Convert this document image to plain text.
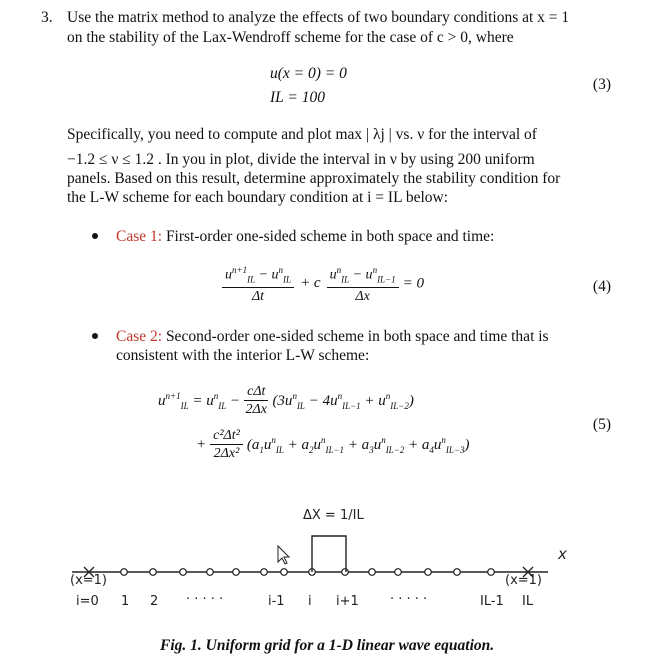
3. Use the matrix method to analyze the effects of two boundary conditions at x = 1
on the stability of the Lax-Wendroff scheme for the case of c > 0, where
u(x = 0) = 0
IL = 100
(3)
Specifically, you need to compute and plot max | λj | vs. ν for the interval of
−1.2 ≤ ν ≤ 1.2 . In you in plot, divide the interval in ν by using 200 uniform
panels. Based on this result, determine approximately the stability condition for
the L-W scheme for each boundary condition at i = IL below:
Case 1: First-order one-sided scheme in both space and time:
$\frac{u^{n+1}_{IL} - u^n_{IL}}{\Delta t} + c \frac{u^n_{IL} - u^n_{IL-1}}{\Delta x} = 0$	(4)
Case 2: Second-order one-sided scheme in both space and time that is
consistent with the interior L-W scheme:
$u^{n+1}_{IL} = u^n_{IL} - \frac{\text{cΔt}}{2\Delta x} (3u^n_{IL} - 4u^n_{IL-1} + u^n_{IL-2})$
+ $\frac{\text{c²Δt²}}{\text{2Δx²}} (a_1u^n_{IL} + a_2u^n_{IL-1} + a_3u^n_{IL-2} + a_4u^n_{IL-3})$
(5)
ΔX = 1/IL
x
(x=1)	(x=1)
i=0 1 2 · · · · ·	i-1 i i+1 · · · · ·	IL-1 IL
Fig. 1. Uniform grid for a 1-D linear wave equation.
